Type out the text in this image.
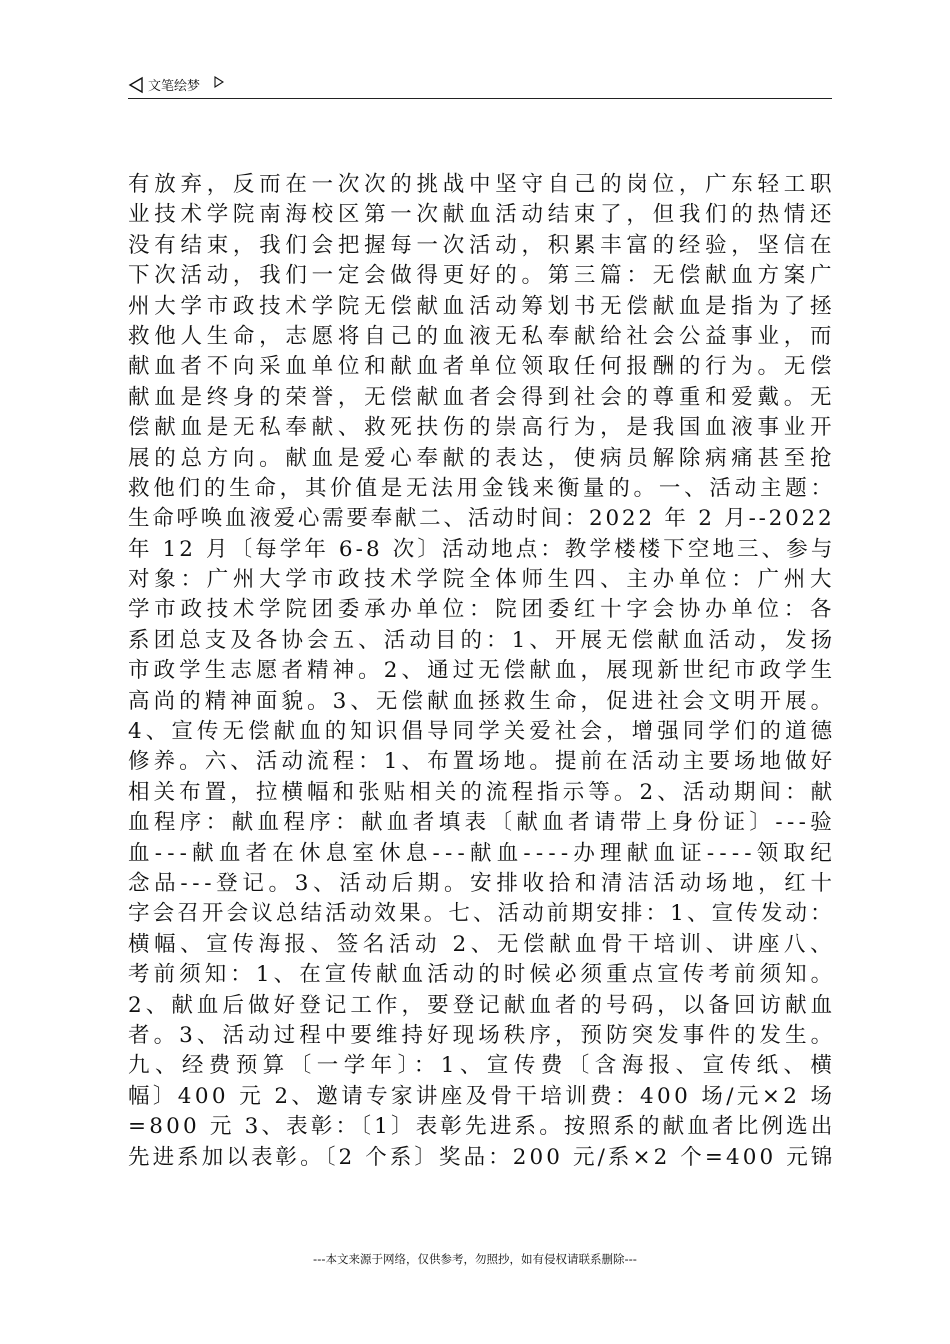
文笔绘梦
有放弃，反而在一次次的挑战中坚守自己的岗位，广东轻工职
业技术学院南海校区第一次献血活动结束了，但我们的热情还
没有结束，我们会把握每一次活动，积累丰富的经验，坚信在
下次活动，我们一定会做得更好的。第三篇：无偿献血方案广
州大学市政技术学院无偿献血活动筹划书无偿献血是指为了拯
救他人生命，志愿将自己的血液无私奉献给社会公益事业，而
献血者不向采血单位和献血者单位领取任何报酬的行为。无偿
献血是终身的荣誉，无偿献血者会得到社会的尊重和爱戴。无
偿献血是无私奉献、救死扶伤的崇高行为，是我国血液事业开
展的总方向。献血是爱心奉献的表达，使病员解除病痛甚至抢
救他们的生命，其价值是无法用金钱来衡量的。一、活动主题：
生命呼唤血液爱心需要奉献二、活动时间：2022 年 2 月--2022
年 12 月〔每学年 6-8 次〕活动地点：教学楼楼下空地三、参与
对象：广州大学市政技术学院全体师生四、主办单位：广州大
学市政技术学院团委承办单位：院团委红十字会协办单位：各
系团总支及各协会五、活动目的：1、开展无偿献血活动，发扬
市政学生志愿者精神。2、通过无偿献血，展现新世纪市政学生
高尚的精神面貌。3、无偿献血拯救生命，促进社会文明开展。
4、宣传无偿献血的知识倡导同学关爱社会，增强同学们的道德
修养。六、活动流程：1、布置场地。提前在活动主要场地做好
相关布置，拉横幅和张贴相关的流程指示等。2、活动期间：献
血程序：献血程序：献血者填表〔献血者请带上身份证〕---验
血---献血者在休息室休息---献血----办理献血证----领取纪
念品---登记。3、活动后期。安排收拾和清洁活动场地，红十
字会召开会议总结活动效果。七、活动前期安排：1、宣传发动：
横幅、宣传海报、签名活动 2、无偿献血骨干培训、讲座八、
考前须知：1、在宣传献血活动的时候必须重点宣传考前须知。
2、献血后做好登记工作，要登记献血者的号码，以备回访献血
者。3、活动过程中要维持好现场秩序，预防突发事件的发生。
九、经费预算〔一学年〕：1、宣传费〔含海报、宣传纸、横
幅〕400 元 2、邀请专家讲座及骨干培训费：400 场/元×2 场
=800 元 3、表彰：〔1〕表彰先进系。按照系的献血者比例选出
先进系加以表彰。〔2 个系〕奖品：200 元/系×2 个=400 元锦
---本文来源于网络，仅供参考，勿照抄，如有侵权请联系删除---
